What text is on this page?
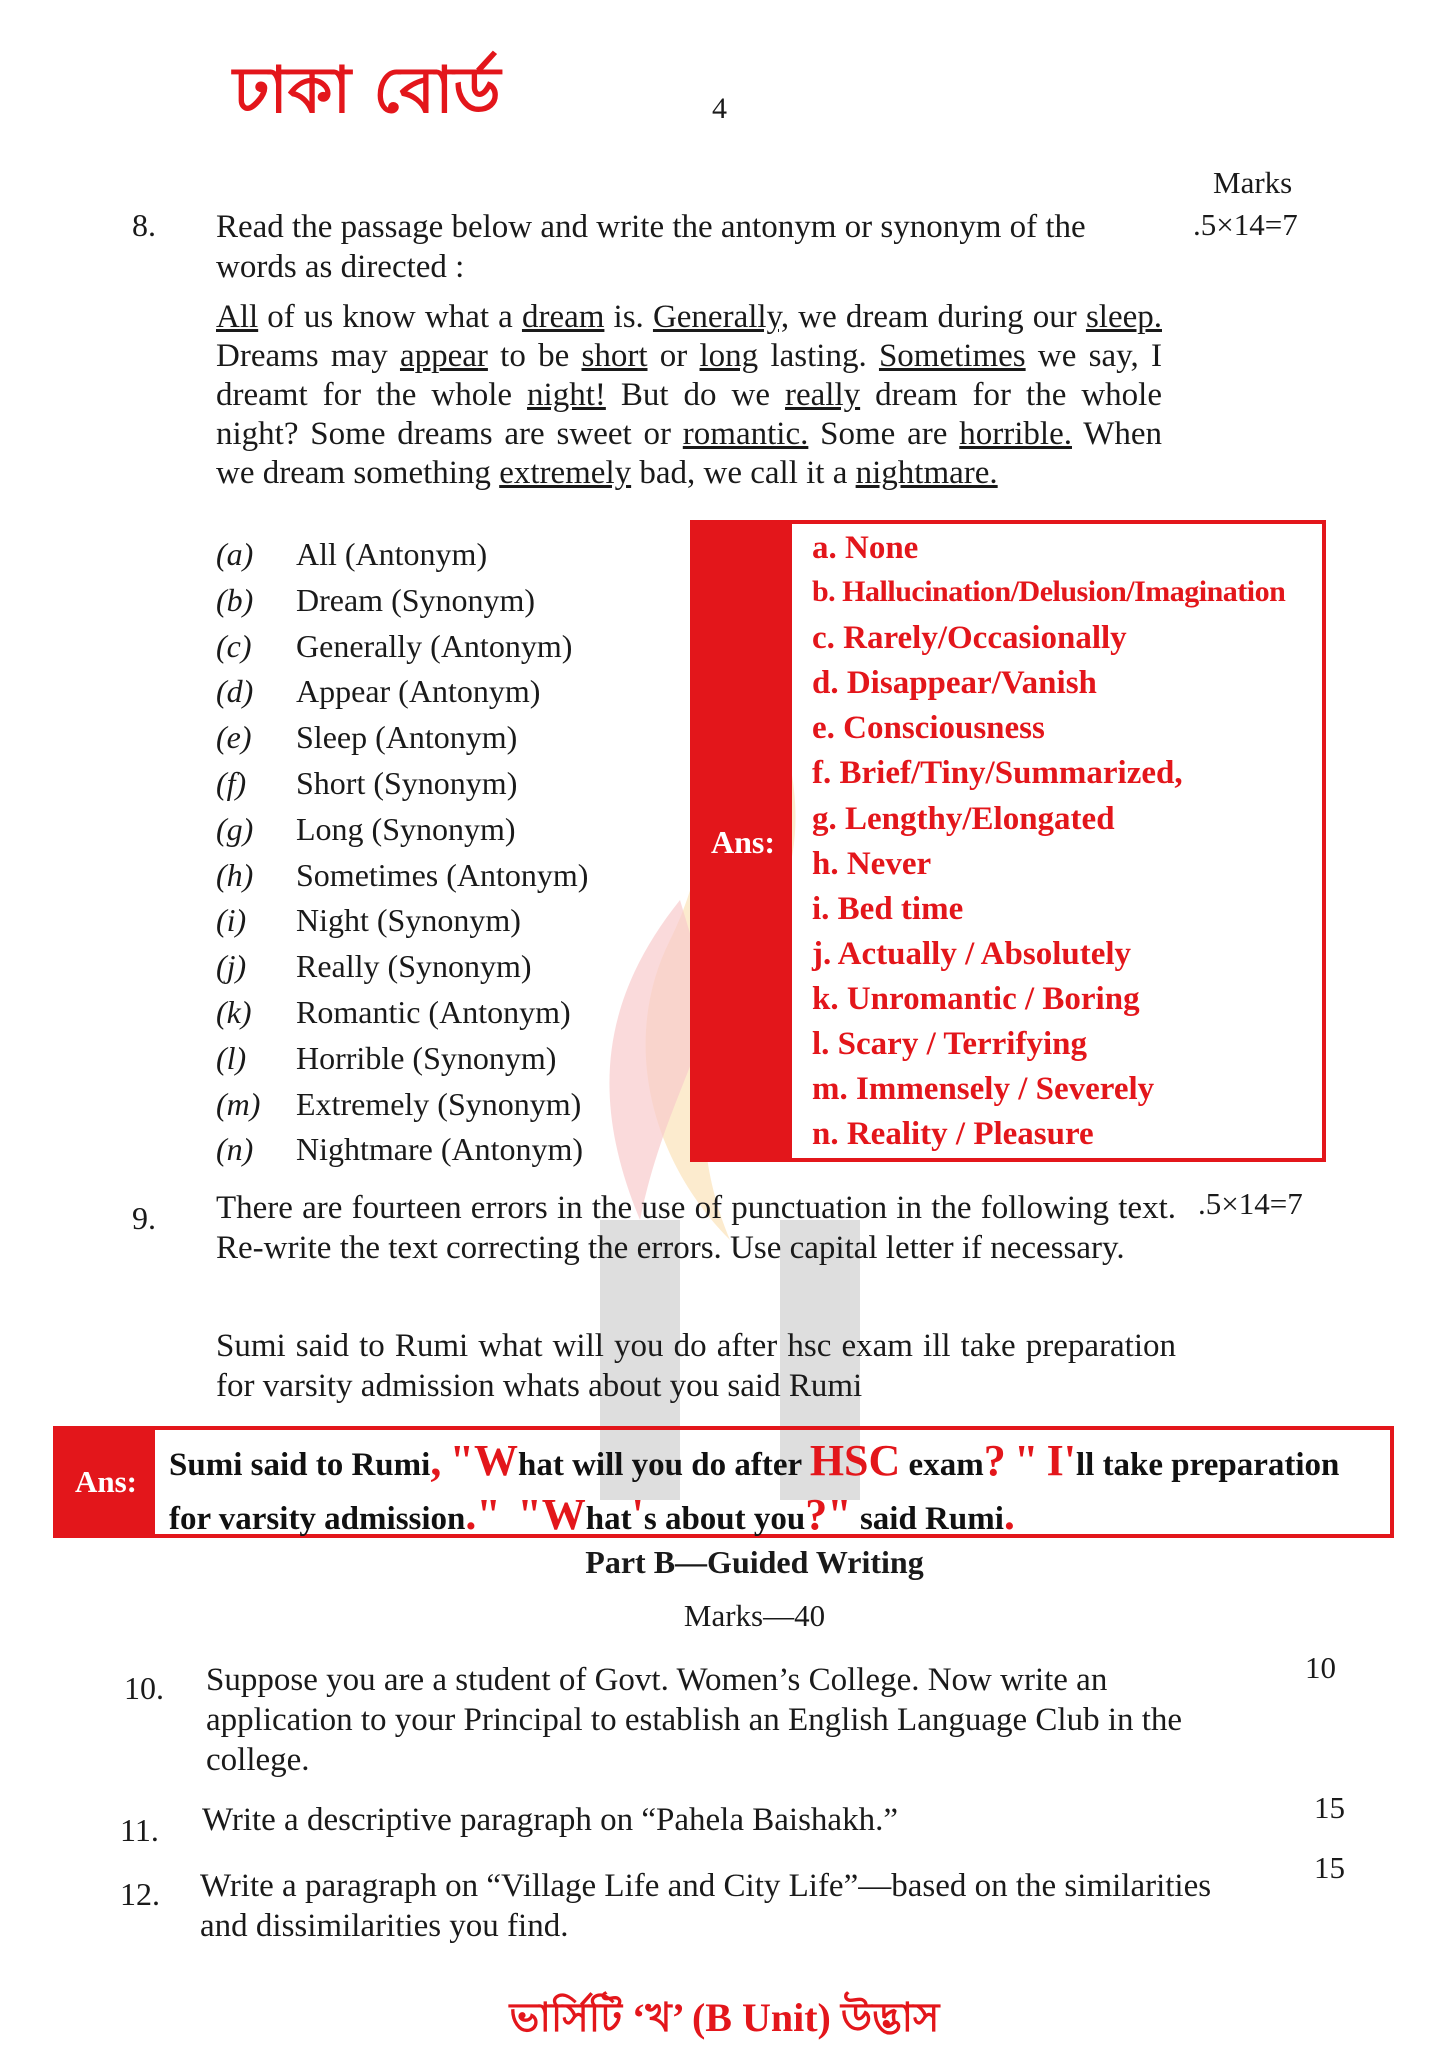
ঢাকা বোর্ড	4
Marks
8. Read the passage below and write the antonym or synonym of the words as directed :
.5×14=7
All of us know what a dream is. Generally, we dream during our sleep. Dreams may appear to be short or long lasting. Sometimes we say, I dreamt for the whole night! But do we really dream for the whole night? Some dreams are sweet or romantic. Some are horrible. When we dream something extremely bad, we call it a nightmare.
(a) All (Antonym)
(b) Dream (Synonym)
(c) Generally (Antonym)
(d) Appear (Antonym)
(e) Sleep (Antonym)
(f) Short (Synonym)
(g) Long (Synonym)
(h) Sometimes (Antonym)
(i) Night (Synonym)
(j) Really (Synonym)
(k) Romantic (Antonym)
(l) Horrible (Synonym)
(m) Extremely (Synonym)
(n) Nightmare (Antonym)
Ans:
a. None
b. Hallucination/Delusion/Imagination
c. Rarely/Occasionally
d. Disappear/Vanish
e. Consciousness
f. Brief/Tiny/Summarized,
g. Lengthy/Elongated
h. Never
i. Bed time
j. Actually / Absolutely
k. Unromantic / Boring
l. Scary / Terrifying
m. Immensely / Severely
n. Reality / Pleasure
9. There are fourteen errors in the use of punctuation in the following text. Re-write the text correcting the errors. Use capital letter if necessary.
.5×14=7
Sumi said to Rumi what will you do after hsc exam ill take preparation for varsity admission whats about you said Rumi
Ans: Sumi said to Rumi, "What will you do after HSC exam? " I'll take preparation for varsity admission." "What's about you?" said Rumi.
Part B—Guided Writing
Marks—40
10. Suppose you are a student of Govt. Women’s College. Now write an application to your Principal to establish an English Language Club in the college.
10
11. Write a descriptive paragraph on “Pahela Baishakh.”	15
12. Write a paragraph on “Village Life and City Life”—based on the similarities and dissimilarities you find.
15
ভার্সিটি ‘খ’ (B Unit) উদ্ভাস
